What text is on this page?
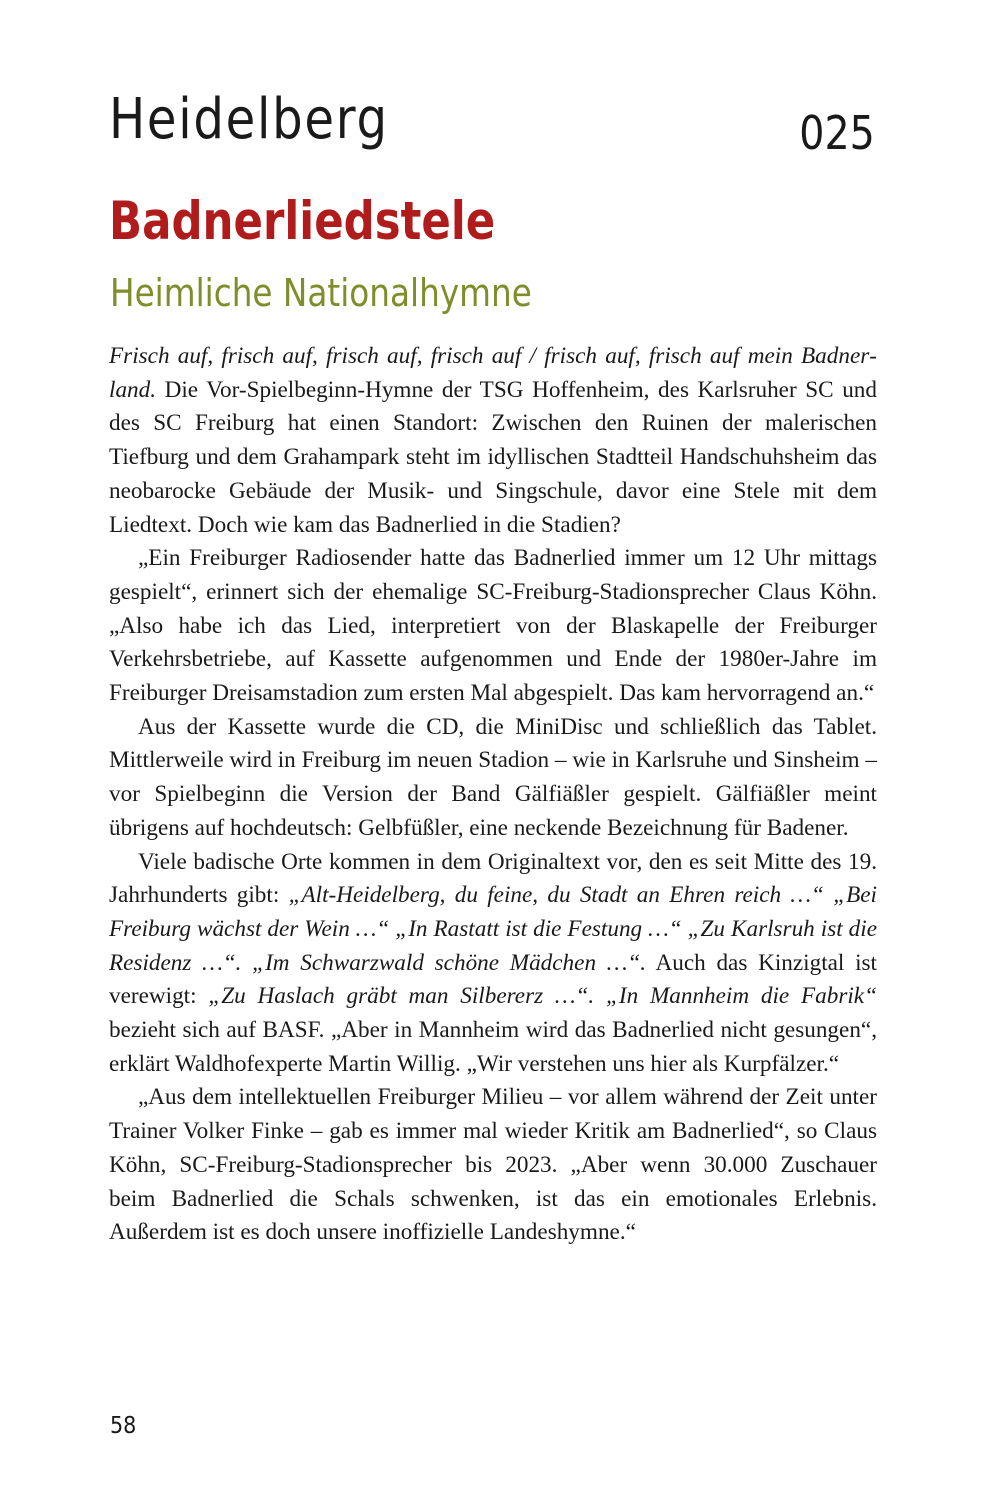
Heidelberg	025
Badnerliedstele
Heimliche Nationalhymne

Frisch auf, frisch auf, frisch auf, frisch auf / frisch auf, frisch auf mein Badnerland. Die Vor-Spielbeginn-Hymne der TSG Hoffenheim, des Karlsruher SC und des SC Freiburg hat einen Standort: Zwischen den Ruinen der malerischen Tiefburg und dem Grahampark steht im idyllischen Stadtteil Handschuhsheim das neobarocke Gebäude der Musik- und Singschule, davor eine Stele mit dem Liedtext. Doch wie kam das Badnerlied in die Stadien?

„Ein Freiburger Radiosender hatte das Badnerlied immer um 12 Uhr mittags gespielt“, erinnert sich der ehemalige SC-Freiburg-Stadionsprecher Claus Köhn. „Also habe ich das Lied, interpretiert von der Blaskapelle der Freiburger Verkehrsbetriebe, auf Kassette aufgenommen und Ende der 1980er-Jahre im Freiburger Dreisamstadion zum ersten Mal abgespielt. Das kam hervorragend an.“

Aus der Kassette wurde die CD, die MiniDisc und schließlich das Tablet. Mittlerweile wird in Freiburg im neuen Stadion – wie in Karlsruhe und Sinsheim – vor Spielbeginn die Version der Band Gälfiäßler gespielt. Gälfiäßler meint übrigens auf hochdeutsch: Gelbfüßler, eine neckende Bezeichnung für Badener.

Viele badische Orte kommen in dem Originaltext vor, den es seit Mitte des 19. Jahrhunderts gibt: „Alt-Heidelberg, du feine, du Stadt an Ehren reich …“ „Bei Freiburg wächst der Wein …“ „In Rastatt ist die Festung …“ „Zu Karlsruh ist die Residenz …“. „Im Schwarzwald schöne Mädchen …“. Auch das Kinzigtal ist verewigt: „Zu Haslach gräbt man Silbererz …“. „In Mannheim die Fabrik“ bezieht sich auf BASF. „Aber in Mannheim wird das Badnerlied nicht gesungen“, erklärt Waldhofexperte Martin Willig. „Wir verstehen uns hier als Kurpfälzer.“

„Aus dem intellektuellen Freiburger Milieu – vor allem während der Zeit unter Trainer Volker Finke – gab es immer mal wieder Kritik am Badnerlied“, so Claus Köhn, SC-Freiburg-Stadionsprecher bis 2023. „Aber wenn 30.000 Zuschauer beim Badnerlied die Schals schwenken, ist das ein emotionales Erlebnis. Außerdem ist es doch unsere inoffizielle Landeshymne.“

58
